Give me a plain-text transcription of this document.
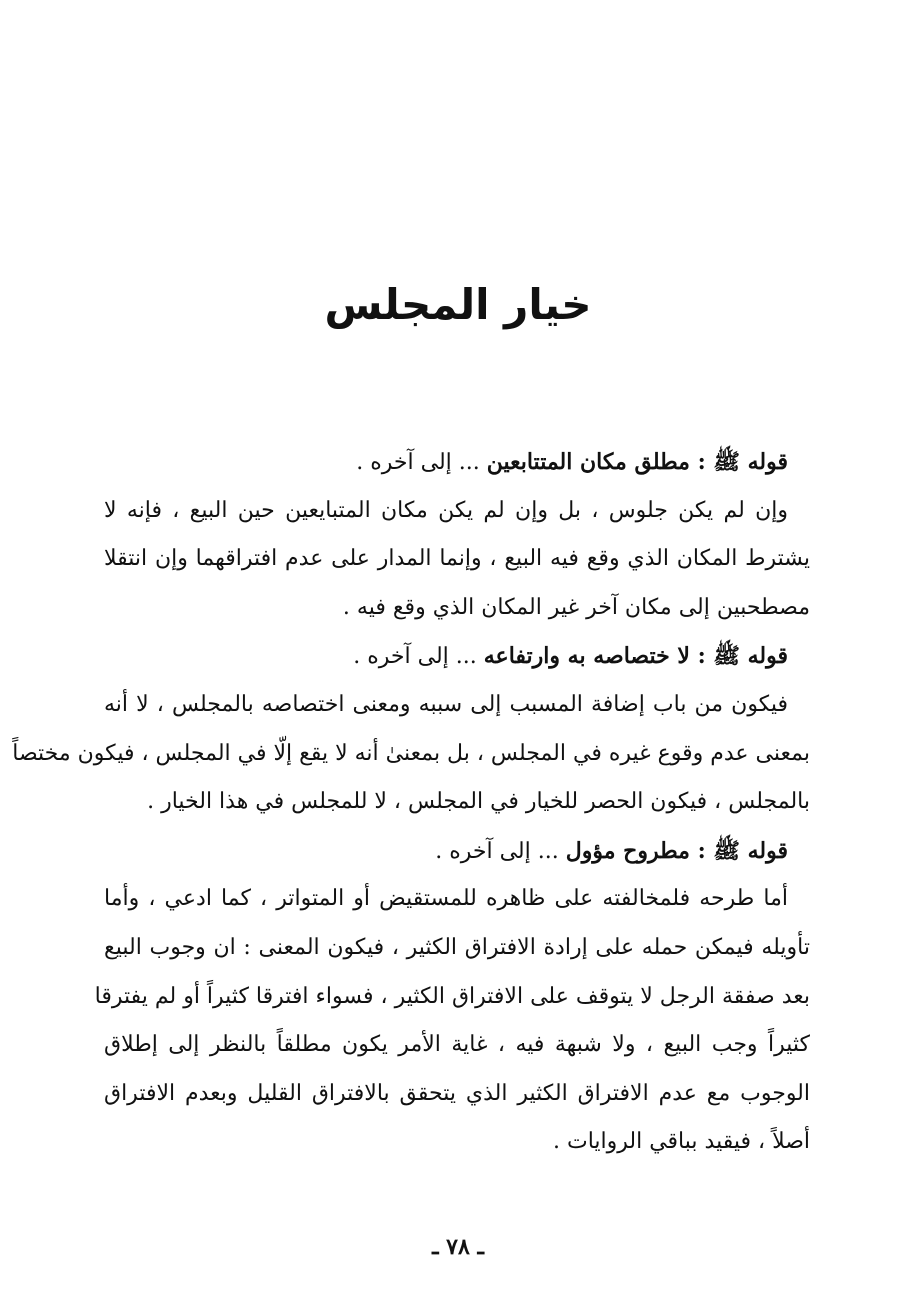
خيار المجلس
قوله ﷺ : مطلق مكان المتتابعين ... إلى آخره .
وإن لم يكن جلوس ، بل وإن لم يكن مكان المتبايعين حين البيع ، فإنه لا
يشترط المكان الذي وقع فيه البيع ، وإنما المدار على عدم افتراقهما وإن انتقلا
مصطحبين إلى مكان آخر غير المكان الذي وقع فيه .
قوله ﷺ : لا ختصاصه به وارتفاعه ... إلى آخره .
فيكون من باب إضافة المسبب إلى سببه ومعنى اختصاصه بالمجلس ، لا أنه
بمعنى عدم وقوع غيره في المجلس ، بل بمعنىٰ أنه لا يقع إلّا في المجلس ، فيكون مختصاً
بالمجلس ، فيكون الحصر للخيار في المجلس ، لا للمجلس في هذا الخيار .
قوله ﷺ : مطروح مؤول ... إلى آخره .
أما طرحه فلمخالفته على ظاهره للمستقيض أو المتواتر ، كما ادعي ، وأما
تأويله فيمكن حمله على إرادة الافتراق الكثير ، فيكون المعنى : ان وجوب البيع
بعد صفقة الرجل لا يتوقف على الافتراق الكثير ، فسواء افترقا كثيراً أو لم يفترقا
كثيراً وجب البيع ، ولا شبهة فيه ، غاية الأمر يكون مطلقاً بالنظر إلى إطلاق
الوجوب مع عدم الافتراق الكثير الذي يتحقق بالافتراق القليل وبعدم الافتراق
أصلاً ، فيقيد بباقي الروايات .
ـ ٧٨ ـ
